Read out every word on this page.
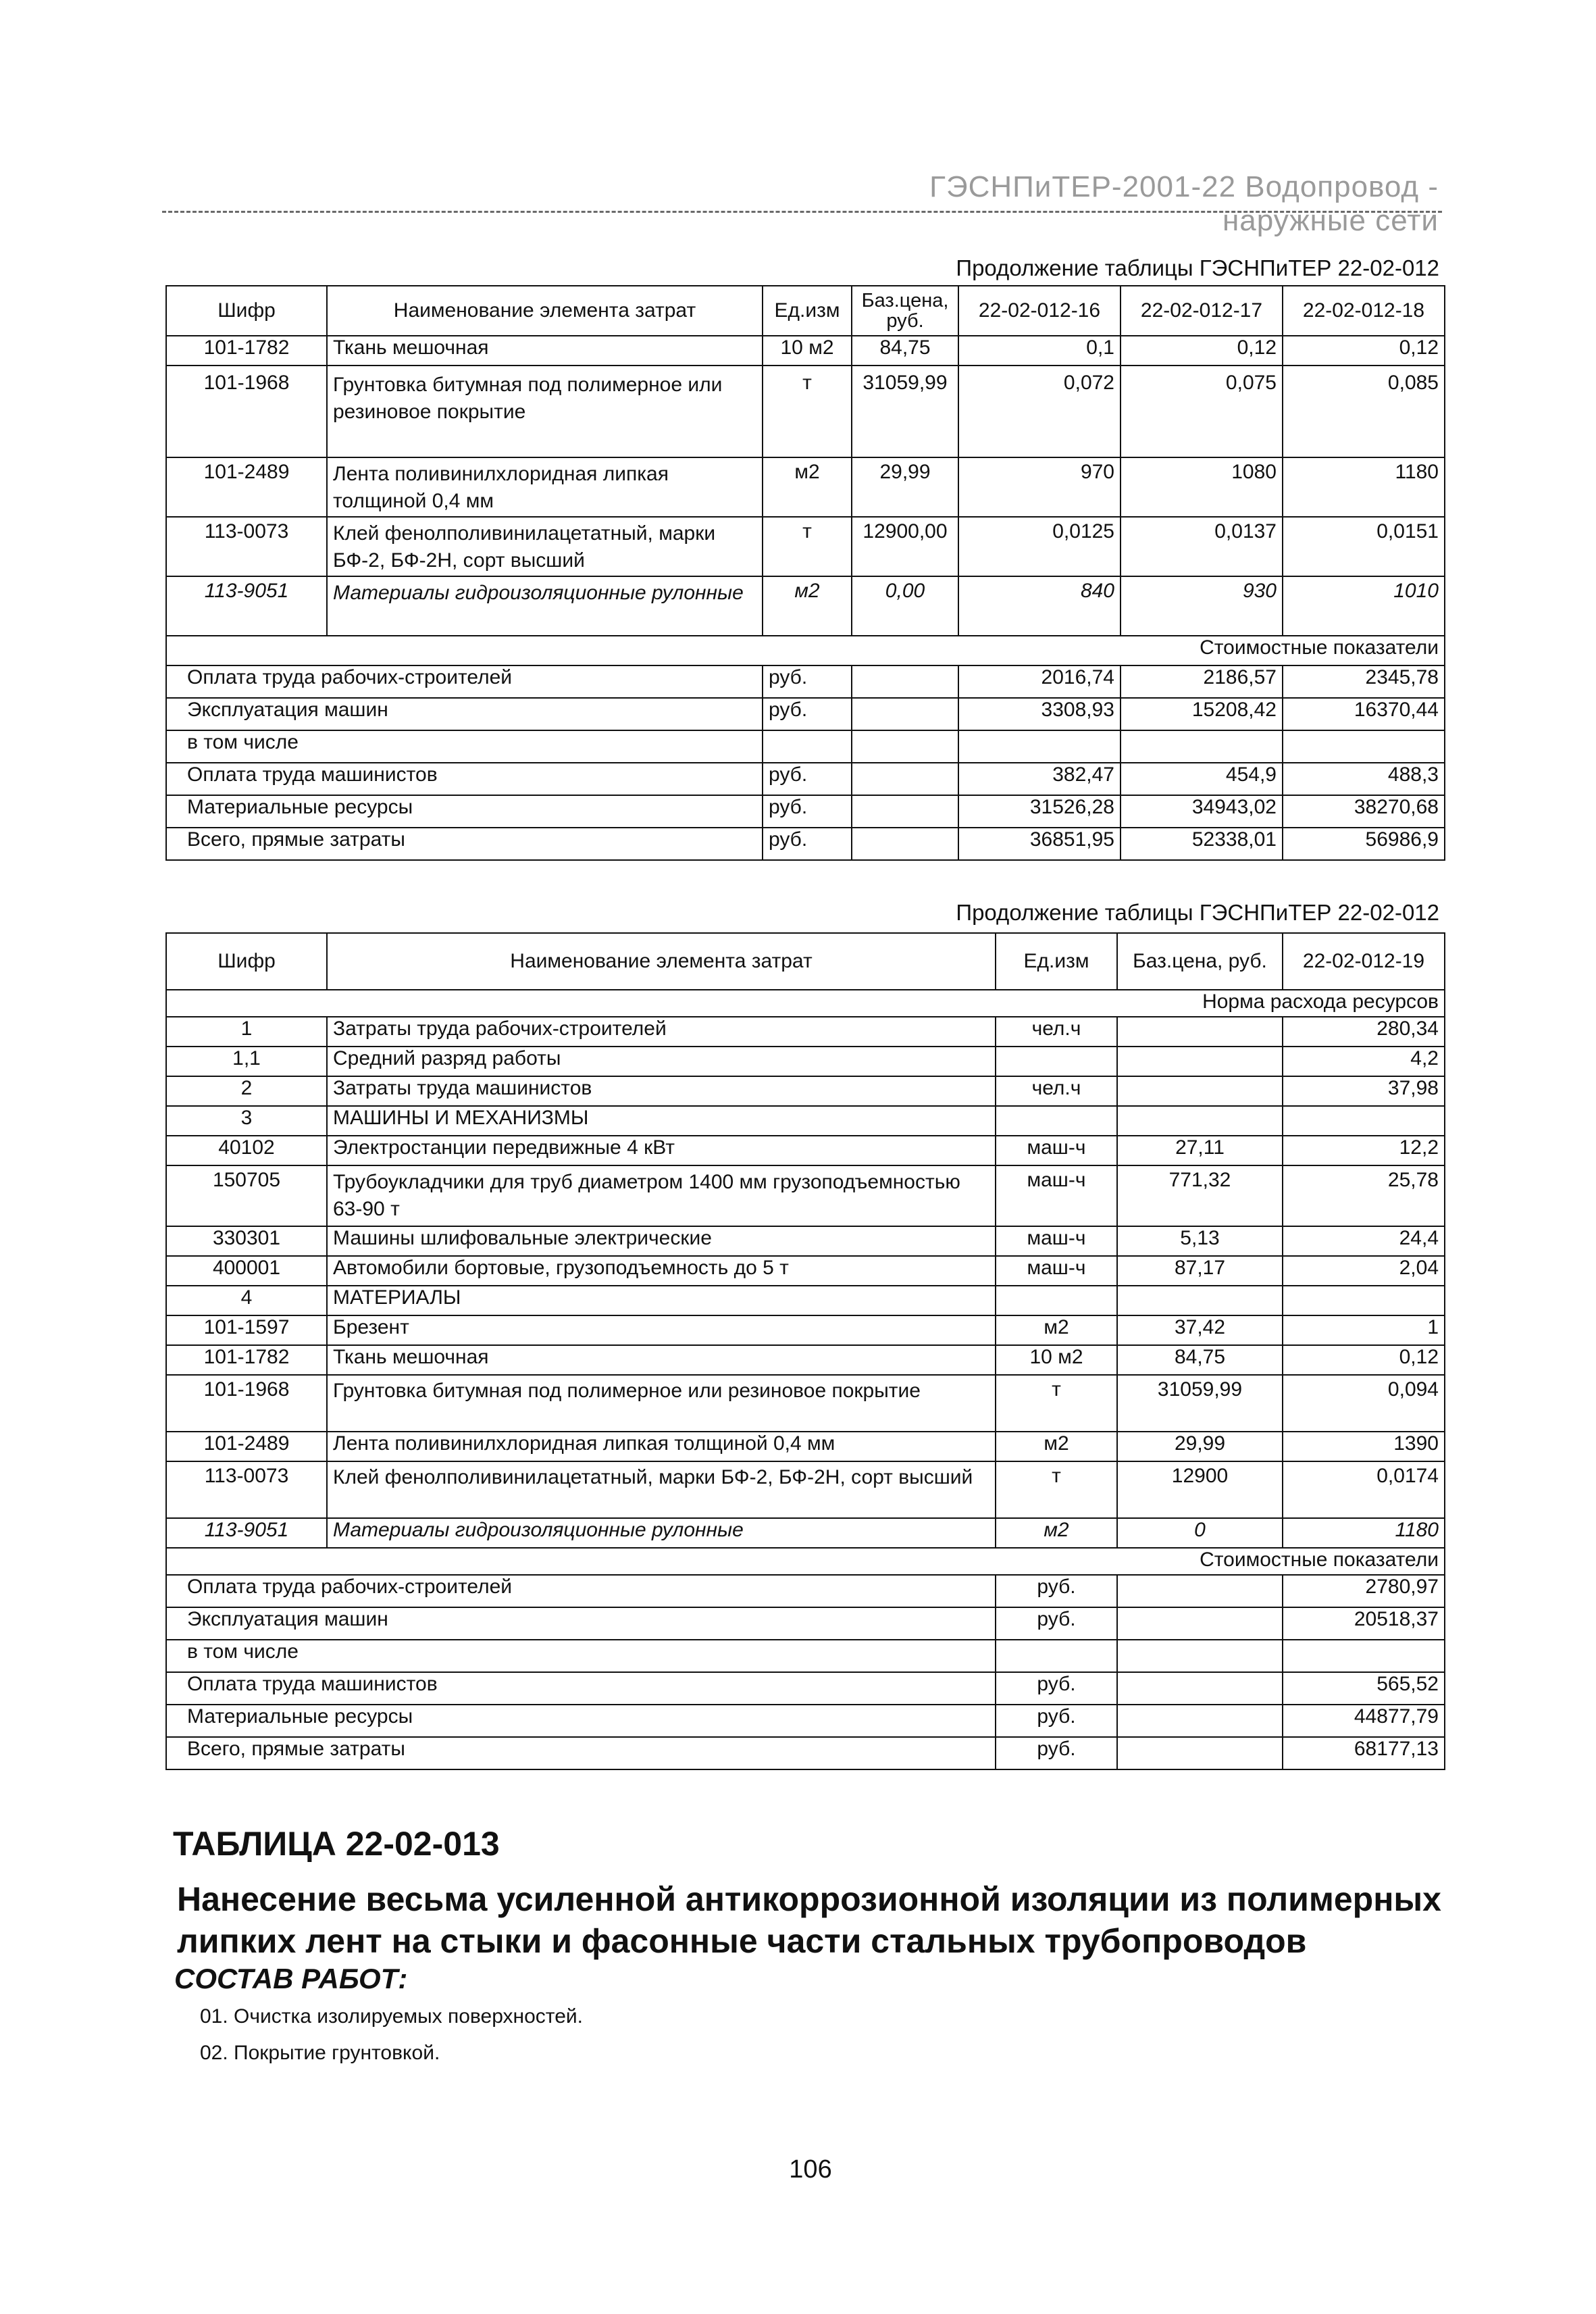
ГЭСНПиТЕР-2001-22 Водопровод - наружные сети
Продолжение таблицы ГЭСНПиТЕР 22-02-012
Шифр	Наименование элемента затрат	Ед.изм	Баз.цена, руб.	22-02-012-16	22-02-012-17	22-02-012-18
101-1782	Ткань мешочная	10 м2	84,75	0,1	0,12	0,12
101-1968	Грунтовка битумная под полимерное или резиновое покрытие	т	31059,99	0,072	0,075	0,085
101-2489	Лента поливинилхлоридная липкая толщиной 0,4 мм	м2	29,99	970	1080	1180
113-0073	Клей фенолполивинилацетатный, марки БФ-2, БФ-2Н, сорт высший	т	12900,00	0,0125	0,0137	0,0151
113-9051	Материалы гидроизоляционные рулонные	м2	0,00	840	930	1010
Стоимостные показатели						
Оплата труда рабочих-строителей		руб.		2016,74	2186,57	2345,78
Эксплуатация машин		руб.		3308,93	15208,42	16370,44
в том числе						
Оплата труда машинистов		руб.		382,47	454,9	488,3
Материальные ресурсы		руб.		31526,28	34943,02	38270,68
Всего, прямые затраты		руб.		36851,95	52338,01	56986,9
Продолжение таблицы ГЭСНПиТЕР 22-02-012
Шифр	Наименование элемента затрат	Ед.изм	Баз.цена, руб.	22-02-012-19
Норма расхода ресурсов				
1	Затраты труда рабочих-строителей	чел.ч		280,34
1,1	Средний разряд работы			4,2
2	Затраты труда машинистов	чел.ч		37,98
3	МАШИНЫ И МЕХАНИЗМЫ			
40102	Электростанции передвижные 4 кВт	маш-ч	27,11	12,2
150705	Трубоукладчики для труб диаметром 1400 мм грузоподъемностью 63-90 т	маш-ч	771,32	25,78
330301	Машины шлифовальные электрические	маш-ч	5,13	24,4
400001	Автомобили бортовые, грузоподъемность до 5 т	маш-ч	87,17	2,04
4	МАТЕРИАЛЫ			
101-1597	Брезент	м2	37,42	1
101-1782	Ткань мешочная	10 м2	84,75	0,12
101-1968	Грунтовка битумная под полимерное или резиновое покрытие	т	31059,99	0,094
101-2489	Лента поливинилхлоридная липкая толщиной 0,4 мм	м2	29,99	1390
113-0073	Клей фенолполивинилацетатный, марки БФ-2, БФ-2Н, сорт высший	т	12900	0,0174
113-9051	Материалы гидроизоляционные рулонные	м2	0	1180
Стоимостные показатели				
Оплата труда рабочих-строителей		руб.		2780,97
Эксплуатация машин		руб.		20518,37
в том числе				
Оплата труда машинистов		руб.		565,52
Материальные ресурсы		руб.		44877,79
Всего, прямые затраты		руб.		68177,13
ТАБЛИЦА 22-02-013
Нанесение весьма усиленной антикоррозионной изоляции из полимерных липких лент на стыки и фасонные части стальных трубопроводов
СОСТАВ РАБОТ:
01. Очистка изолируемых поверхностей.
02. Покрытие грунтовкой.
106
